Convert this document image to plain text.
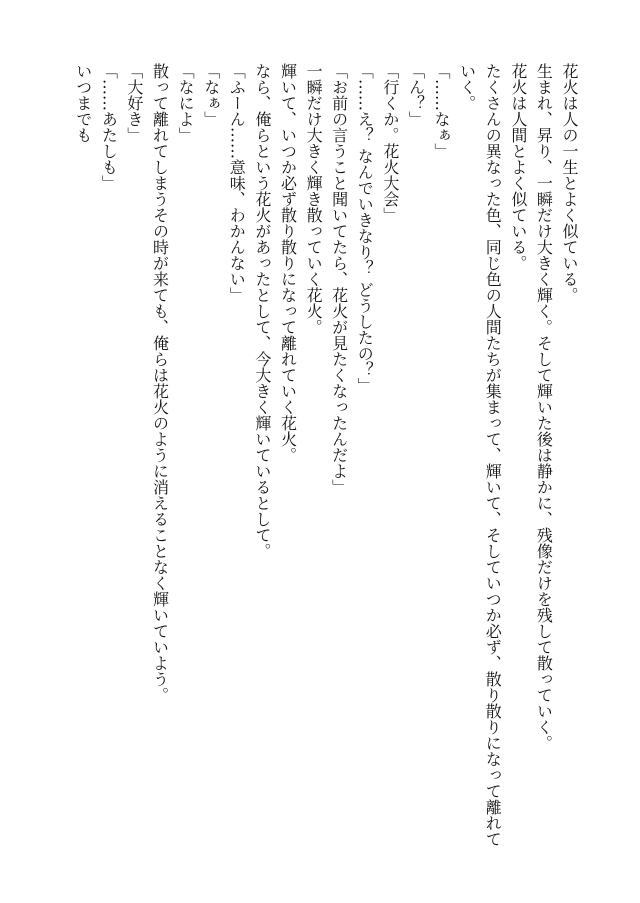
花火は人の一生とよく似ている。
生まれ、昇り、一瞬だけ大きく輝く。そして輝いた後は静かに、残像だけを残して散っていく。
花火は人間とよく似ている。
たくさんの異なった色、同じ色の人間たちが集まって、輝いて、そしていつか必ず、散り散りになって離れて
いく。
「……なぁ」
「ん？」
「行くか。花火大会」
「……え？ なんでいきなり？ どうしたの？」
「お前の言うこと聞いてたら、花火が見たくなったんだよ」
一瞬だけ大きく輝き散っていく花火。
輝いて、いつか必ず散り散りになって離れていく花火。
なら、俺らという花火があったとして、今大きく輝いているとして。
「ふーん……意味、わかんない」
「なぁ」
「なによ」
散って離れてしまうその時が来ても、俺らは花火のように消えることなく輝いていよう。
「大好き」
「……あたしも」
いつまでも
